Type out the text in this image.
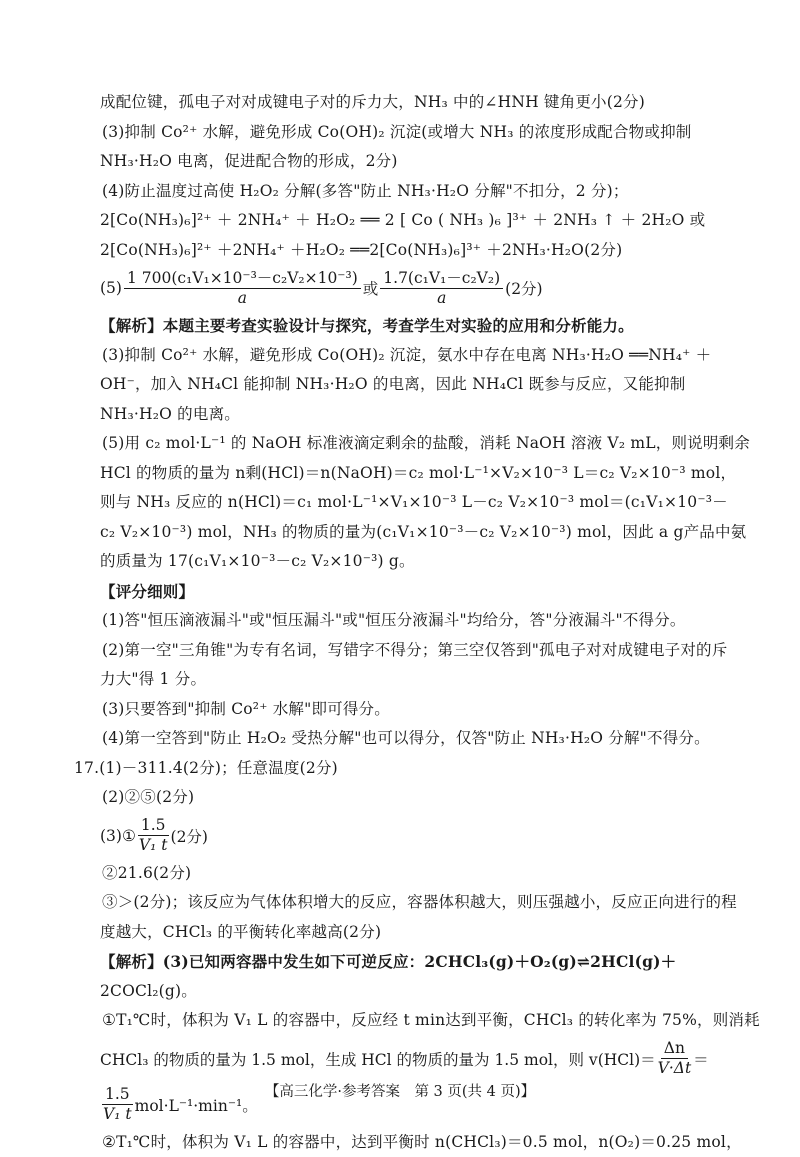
成配位键，孤电子对对成键电子对的斥力大，NH₃ 中的∠HNH 键角更小(2分)
(3)抑制 Co²⁺ 水解，避免形成 Co(OH)₂ 沉淀(或增大 NH₃ 的浓度形成配合物或抑制
NH₃·H₂O 电离，促进配合物的形成，2分)
(4)防止温度过高使 H₂O₂ 分解(多答"防止 NH₃·H₂O 分解"不扣分，2 分)；
2[Co(NH₃)₆]²⁺ ＋ 2NH₄⁺ ＋ H₂O₂ ══ 2 [ Co ( NH₃ )₆ ]³⁺ ＋ 2NH₃ ↑ ＋ 2H₂O 或
2[Co(NH₃)₆]²⁺ ＋2NH₄⁺ ＋H₂O₂ ══2[Co(NH₃)₆]³⁺ ＋2NH₃·H₂O(2分)
$(5) \frac{\text{1 700(c₁V₁×10⁻³－c₂V₂×10⁻³)}}{a}$ 或 $\frac{\text{1.7(c₁V₁－c₂V₂)}}{a} (2$分)
【解析】本题主要考查实验设计与探究，考查学生对实验的应用和分析能力。
(3)抑制 Co²⁺ 水解，避免形成 Co(OH)₂ 沉淀，氨水中存在电离 NH₃·H₂O ══NH₄⁺ ＋
OH⁻，加入 NH₄Cl 能抑制 NH₃·H₂O 的电离，因此 NH₄Cl 既参与反应，又能抑制
NH₃·H₂O 的电离。
(5)用 c₂ mol·L⁻¹ 的 NaOH 标准液滴定剩余的盐酸，消耗 NaOH 溶液 V₂ mL，则说明剩余
HCl 的物质的量为 n剩(HCl)＝n(NaOH)＝c₂ mol·L⁻¹×V₂×10⁻³ L＝c₂ V₂×10⁻³ mol，
则与 NH₃ 反应的 n(HCl)＝c₁ mol·L⁻¹×V₁×10⁻³ L－c₂ V₂×10⁻³ mol＝(c₁V₁×10⁻³－
c₂ V₂×10⁻³) mol，NH₃ 的物质的量为(c₁V₁×10⁻³－c₂ V₂×10⁻³) mol，因此 a g产品中氨
的质量为 17(c₁V₁×10⁻³－c₂ V₂×10⁻³) g。
【评分细则】
(1)答"恒压滴液漏斗"或"恒压漏斗"或"恒压分液漏斗"均给分，答"分液漏斗"不得分。
(2)第一空"三角锥"为专有名词，写错字不得分；第三空仅答到"孤电子对对成键电子对的斥
力大"得 1 分。
(3)只要答到"抑制 Co²⁺ 水解"即可得分。
(4)第一空答到"防止 H₂O₂ 受热分解"也可以得分，仅答"防止 NH₃·H₂O 分解"不得分。
17.(1)－311.4(2分)；任意温度(2分)
(2)②⑤(2分)
(3)① $\frac{1.5}{\text{V₁ t}} (2$分)
②21.6(2分)
③＞(2分)；该反应为气体体积增大的反应，容器体积越大，则压强越小，反应正向进行的程
度越大，CHCl₃ 的平衡转化率越高(2分)
【解析】(3)已知两容器中发生如下可逆反应：2CHCl₃(g)＋O₂(g)⇌2HCl(g)＋
2COCl₂(g)。
①T₁℃时，体积为 V₁ L 的容器中，反应经 t min达到平衡，CHCl₃ 的转化率为 75%，则消耗
CHCl₃ 的物质的量为 1.5 mol，生成 HCl 的物质的量为 1.5 mol，则 $v(HCl)= \frac{\Delta n}{V\cdot\Delta t}$ ＝
$\frac{1.5}{\text{V₁ t}} mol\cdot L^{-1}\cdot\min^{-1}$。
②T₁℃时，体积为 V₁ L 的容器中，达到平衡时 n(CHCl₃)＝0.5 mol，n(O₂)＝0.25 mol，
【高三化学·参考答案　第 3 页(共 4 页)】
